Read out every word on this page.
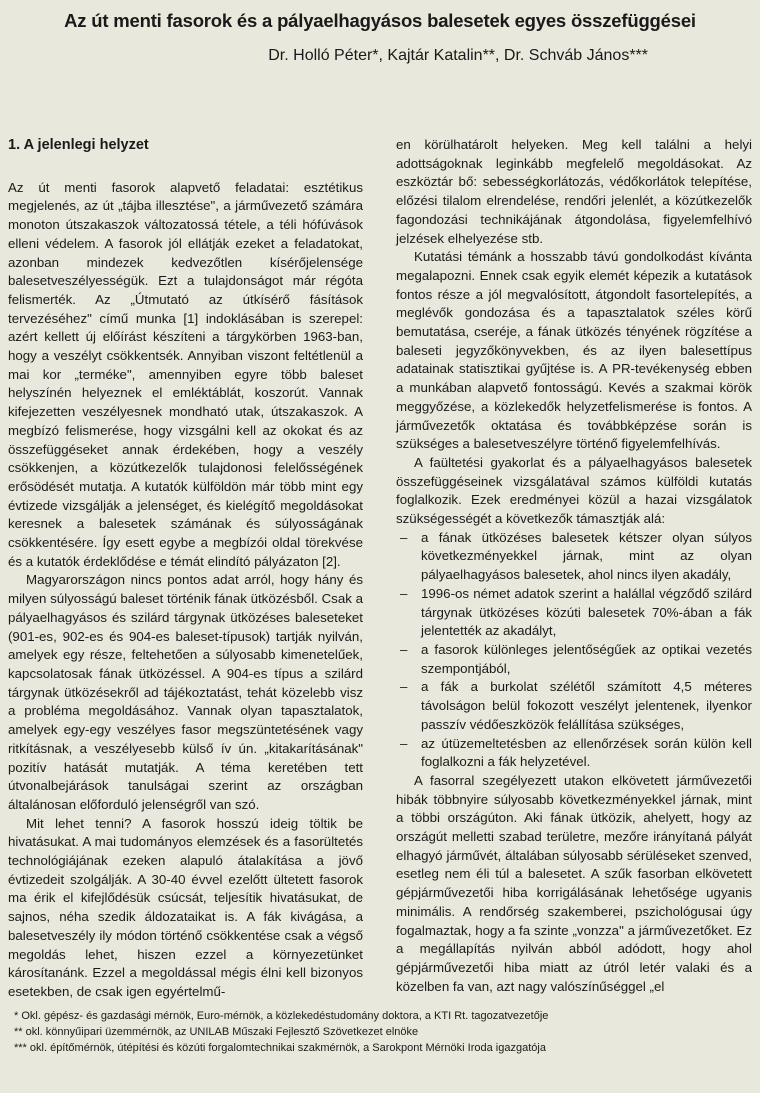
Az út menti fasorok és a pályaelhagyásos balesetek egyes összefüggései
Dr. Holló Péter*, Kajtár Katalin**, Dr. Schváb János***
1. A jelenlegi helyzet

Az út menti fasorok alapvető feladatai: esztétikus megjelenés, az út „tájba illesztése", a járművezető számára monoton útszakaszok változatossá tétele, a téli hófúvások elleni védelem. A fasorok jól ellátják ezeket a feladatokat, azonban mindezek kedvezőtlen kísérőjelensége balesetveszélyességük. Ezt a tulajdonságot már régóta felismerték. Az „Útmutató az útkísérő fásítások tervezéséhez" című munka [1] indoklásában is szerepel: azért kellett új előírást készíteni a tárgykörben 1963-ban, hogy a veszélyt csökkentsék. Annyiban viszont feltétlenül a mai kor „terméke", amennyiben egyre több baleset helyszínén helyeznek el emléktáblát, koszorút. Vannak kifejezetten veszélyesnek mondható utak, útszakaszok. A megbízó felismerése, hogy vizsgálni kell az okokat és az összefüggéseket annak érdekében, hogy a veszély csökkenjen, a közútkezelők tulajdonosi felelősségének erősödését mutatja. A kutatók külföldön már több mint egy évtizede vizsgálják a jelenséget, és kielégítő megoldásokat keresnek a balesetek számának és súlyosságának csökkentésére. Így esett egybe a megbízói oldal törekvése és a kutatók érdeklődése e témát elindító pályázaton [2].

Magyarországon nincs pontos adat arról, hogy hány és milyen súlyosságú baleset történik fának ütközésből. Csak a pályaelhagyásos és szilárd tárgynak ütközéses baleseteket (901-es, 902-es és 904-es baleset-típusok) tartják nyilván, amelyek egy része, feltehetően a súlyosabb kimenetelűek, kapcsolatosak fának ütközéssel. A 904-es típus a szilárd tárgynak ütközésekről ad tájékoztatást, tehát közelebb visz a probléma megoldásához. Vannak olyan tapasztalatok, amelyek egy-egy veszélyes fasor megszüntetésének vagy ritkításnak, a veszélyesebb külső ív ún. „kitakarításának" pozitív hatását mutatják. A téma keretében tett útvonalbejárások tanulságai szerint az országban általánosan előforduló jelenségről van szó.

Mit lehet tenni? A fasorok hosszú ideig töltik be hivatásukat. A mai tudományos elemzések és a fasorültetés technológiájának ezeken alapuló átalakítása a jövő évtizedeit szolgálják. A 30-40 évvel ezelőtt ültetett fasorok ma érik el kifejlődésük csúcsát, teljesítik hivatásukat, de sajnos, néha szedik áldozataikat is. A fák kivágása, a balesetveszély ily módon történő csökkentése csak a végső megoldás lehet, hiszen ezzel a környezetünket károsítanánk. Ezzel a megoldással mégis élni kell bizonyos esetekben, de csak igen egyértelmű-

en körülhatárolt helyeken. Meg kell találni a helyi adottságoknak leginkább megfelelő megoldásokat. Az eszköztár bő: sebességkorlátozás, védőkorlátok telepítése, előzési tilalom elrendelése, rendőri jelenlét, a közútkezelők fagondozási technikájának átgondolása, figyelemfelhívó jelzések elhelyezése stb.

Kutatási témánk a hosszabb távú gondolkodást kívánta megalapozni. Ennek csak egyik elemét képezik a kutatások fontos része a jól megvalósított, átgondolt fasortelepítés, a meglévők gondozása és a tapasztalatok széles körű bemutatása, cseréje, a fának ütközés tényének rögzítése a baleseti jegyzőkönyvekben, és az ilyen balesettípus adatainak statisztikai gyűjtése is. A PR-tevékenység ebben a munkában alapvető fontosságú. Kevés a szakmai körök meggyőzése, a közlekedők helyzetfelismerése is fontos. A járművezetők oktatása és továbbképzése során is szükséges a balesetveszélyre történő figyelemfelhívás.

A faültetési gyakorlat és a pályaelhagyásos balesetek összefüggéseinek vizsgálatával számos külföldi kutatás foglalkozik. Ezek eredményei közül a hazai vizsgálatok szükségességét a következők támasztják alá:

– a fának ütközéses balesetek kétszer olyan súlyos következményekkel járnak, mint az olyan pályaelhagyásos balesetek, ahol nincs ilyen akadály,
– 1996-os német adatok szerint a halállal végződő szilárd tárgynak ütközéses közúti balesetek 70%-ában a fák jelentették az akadályt,
– a fasorok különleges jelentőségűek az optikai vezetés szempontjából,
– a fák a burkolat szélétől számított 4,5 méteres távolságon belül fokozott veszélyt jelentenek, ilyenkor passzív védőeszközök felállítása szükséges,
– az útüzemeltetésben az ellenőrzések során külön kell foglalkozni a fák helyzetével.

A fasorral szegélyezett utakon elkövetett járművezetői hibák többnyire súlyosabb következményekkel járnak, mint a többi országúton. Aki fának ütközik, ahelyett, hogy az országút melletti szabad területre, mezőre irányítaná pályát elhagyó járművét, általában súlyosabb sérüléseket szenved, esetleg nem éli túl a balesetet. A szűk fasorban elkövetett gépjárművezetői hiba korrigálásának lehetősége ugyanis minimális. A rendőrség szakemberei, pszichológusai úgy fogalmaztak, hogy a fa szinte „vonzza" a járművezetőket. Ez a megállapítás nyilván abból adódott, hogy ahol gépjárművezetői hiba miatt az útról letér valaki és a közelben fa van, azt nagy valószínűséggel „el

* Okl. gépész- és gazdasági mérnök, Euro-mérnök, a közlekedéstudomány doktora, a KTI Rt. tagozatvezetője
** okl. könnyűipari üzemmérnök, az UNILAB Műszaki Fejlesztő Szövetkezet elnöke
*** okl. építőmérnök, útépítési és közúti forgalomtechnikai szakmérnök, a Sarokpont Mérnöki Iroda igazgatója
